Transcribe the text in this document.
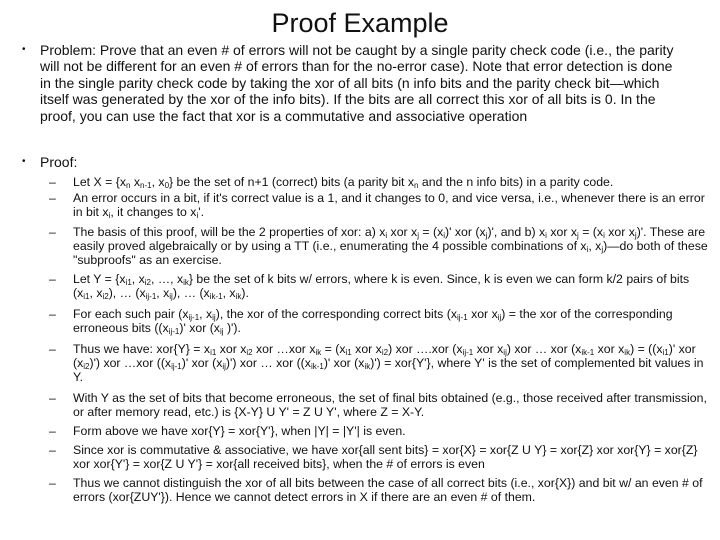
Proof Example
•	Problem: Prove that an even # of errors will not be caught by a single parity check code (i.e., the parity will not be different for an even # of errors than for the no-error case). Note that error detection is done in the single parity check code by taking the xor of all bits (n info bits and the parity check bit—which itself was generated by the xor of the info bits). If the bits are all correct this xor of all bits is 0. In the proof, you can use the fact that xor is a commutative and associative operation
•	Proof:
–	Let $X = \{x_n$ $x_{n-1}$, $x_0$} be the set of n+1 (correct) bits (a parity bit $x_n$ and the n info bits) in a parity code.
–	An error occurs in a bit, if it's correct value is a 1, and it changes to 0, and vice versa, i.e., whenever there is an error in bit $x_i$, it changes to $x_i'$.
–	The basis of this proof, will be the 2 properties of xor: a) $x_i$ xor $x_j = (x_i)'$ xor $(x_j)'$, and b) $x_i$ xor $x_j = (x_i$ xor $x_j)'$. These are easily proved algebraically or by using a TT (i.e., enumerating the 4 possible combinations of $x_i$, $x_j)—do$ both of these "subproofs" as an exercise.
–	Let $Y = \{x_{i1}$, $x_{i2}$, …, $x_{ik}$} be the set of k bits w/ errors, where k is even. Since, k is even we can form k/2 pairs of bits ($x_{i1}$, $x_{i2}$), … ($x_{ij-1}$, $x_{ij}$), … ($x_{ik-1}$, $x_{ik}$).
–	For each such pair ($x_{ij-1}$, $x_{ij}$), the xor of the corresponding correct bits ($x_{ij-1}$ xor $x_{ij}$) = the xor of the corresponding erroneous bits ($(x_{ij-1})'$ xor ($x_{ij}$ )').
–	Thus we have: $xor\{Y\} = x_{i1}$ xor $x_{i2}$ xor …xor $x_{ik} = (x_{i1}$ xor $x_{i2}$) xor ….xor ($x_{ij-1}$ xor $x_{ij}$) xor … xor ($x_{ik-1}$ xor $x_{ik}) = ((x_{i1})'$ xor $(x_{i2})'$) xor …xor ($(x_{ij-1})'$ xor $(x_{ij})'$) xor … xor ($(x_{ik-1})'$ xor $(x_{ik})') = xor\{Y'\}$, where Y' is the set of complemented bit values in Y.
–	With Y as the set of bits that become erroneous, the set of final bits obtained (e.g., those received after transmission, or after memory read, etc.) is {X-Y} U Y' = Z U Y', where Z = X-Y.
–	Form above we have xor{Y} = xor{Y'}, when |Y| = |Y'| is even.
–	Since xor is commutative & associative, we have xor{all sent bits} = xor{X} = xor{Z U Y} = xor{Z} xor xor{Y} = xor{Z} xor xor{Y'} = xor{Z U Y'} = xor{all received bits}, when the # of errors is even
–	Thus we cannot distinguish the xor of all bits between the case of all correct bits (i.e., xor{X}) and bit w/ an even # of errors (xor{ZUY'}). Hence we cannot detect errors in X if there are an even # of them.
